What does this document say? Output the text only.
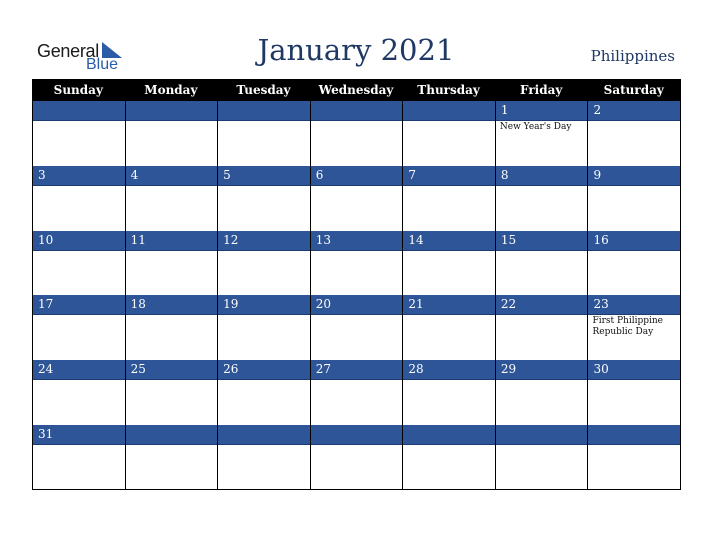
General
Blue	January 2021	Philippines
Sunday	Monday	Tuesday	Wednesday	Thursday	Friday	Saturday
1
New Year's Day
2
3	4	5	6	7	8	9
10	11	12	13	14	15	16
17	18	19	20	21	22	23
First Philippine Republic Day
24	25	26	27	28	29	30
31
